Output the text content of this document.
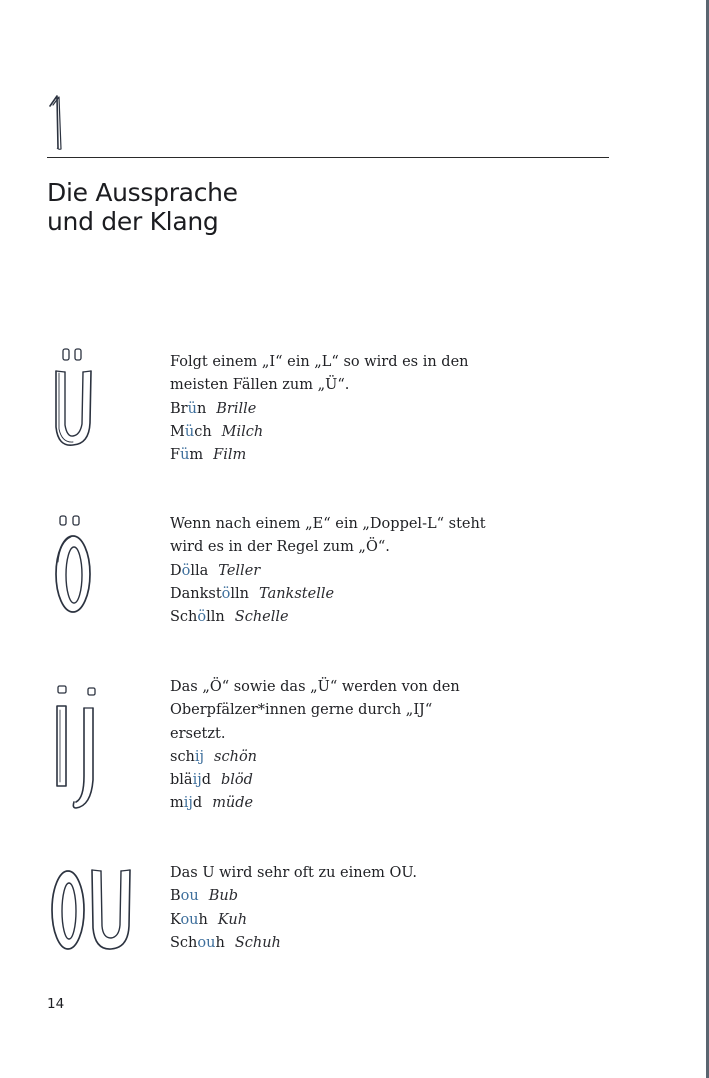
Die Aussprache
und der Klang

Folgt einem „I“ ein „L“ so wird es in den

meisten Fällen zum „Ü“.

Brün Brille

Müch Milch

Füm Film

Wenn nach einem „E“ ein „Doppel-L“ steht

wird es in der Regel zum „Ö“.

Dölla Teller

Dankstölln Tankstelle

Schölln Schelle

Das „Ö“ sowie das „Ü“ werden von den

Oberpfälzer*innen gerne durch „IJ“ ersetzt.

schij schön

bläijd blöd

mijd müde

Das U wird sehr oft zu einem OU.

Bou Bub

Kouh Kuh

Schouh Schuh

14
